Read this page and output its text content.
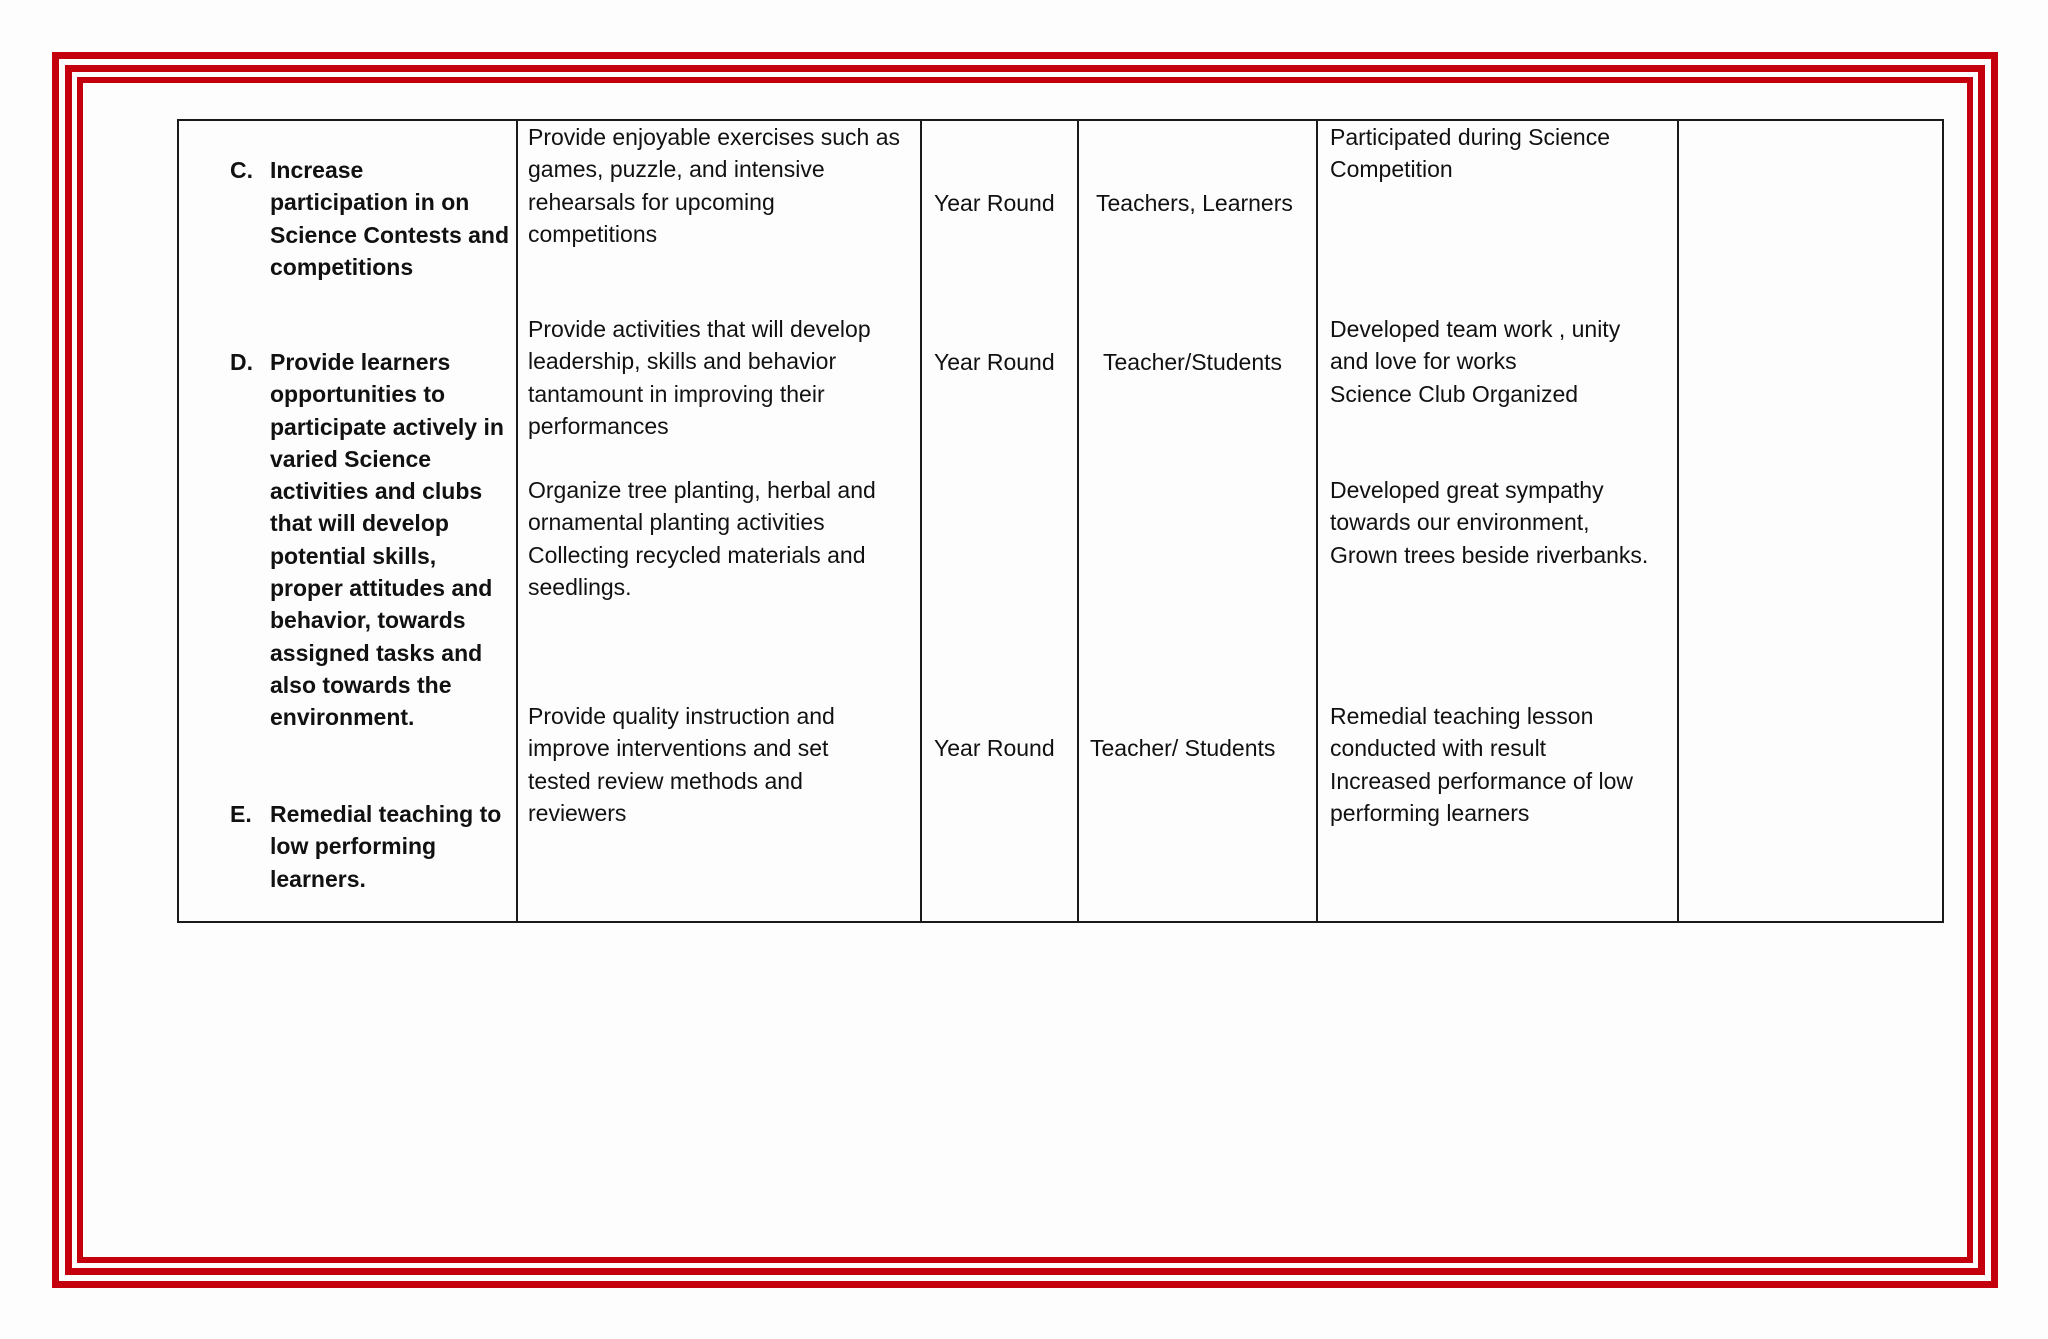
C. Increase
participation in on
Science Contests and
competitions
D. Provide learners
opportunities to
participate actively in
varied Science
activities and clubs
that will develop
potential skills,
proper attitudes and
behavior, towards
assigned tasks and
also towards the
environment.
E. Remedial teaching to
low performing
learners.
Provide enjoyable exercises such as
games, puzzle, and intensive
rehearsals for upcoming
competitions
Provide activities that will develop
leadership, skills and behavior
tantamount in improving their
performances
Organize tree planting, herbal and
ornamental planting activities
Collecting recycled materials and
seedlings.
Provide quality instruction and
improve interventions and set
tested review methods and
reviewers
Year Round
Year Round
Year Round
Teachers, Learners
Teacher/Students
Teacher/ Students
Participated during Science
Competition
Developed team work , unity
and love for works
Science Club Organized
Developed great sympathy
towards our environment,
Grown trees beside riverbanks.
Remedial teaching lesson
conducted with result
Increased performance of low
performing learners
